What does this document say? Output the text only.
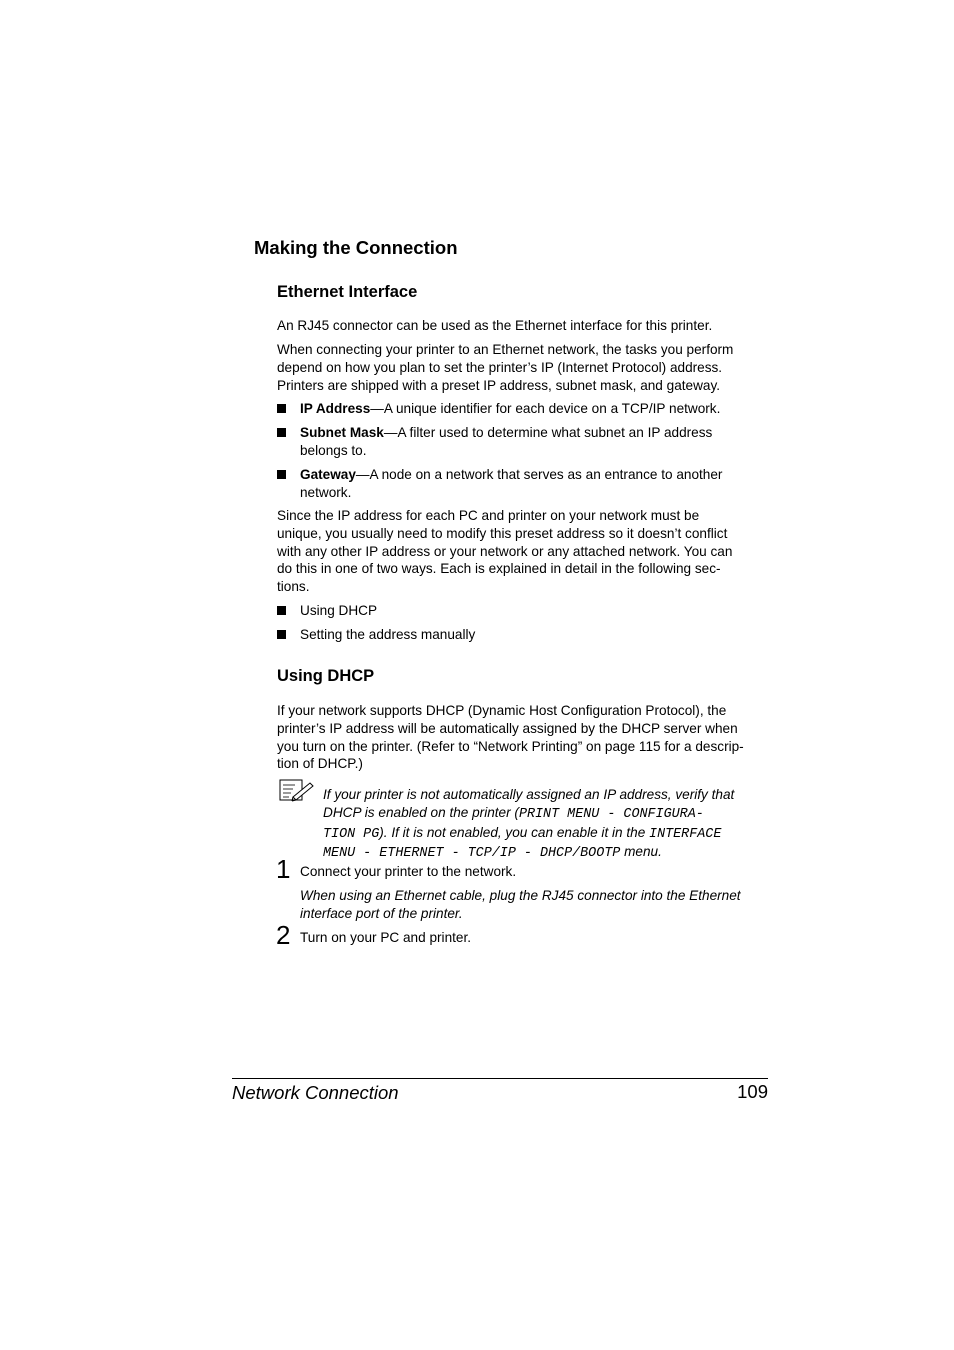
Making the Connection
Ethernet Interface
An RJ45 connector can be used as the Ethernet interface for this printer.
When connecting your printer to an Ethernet network, the tasks you perform
depend on how you plan to set the printer’s IP (Internet Protocol) address.
Printers are shipped with a preset IP address, subnet mask, and gateway.
IP Address—A unique identifier for each device on a TCP/IP network.
Subnet Mask—A filter used to determine what subnet an IP address
belongs to.
Gateway—A node on a network that serves as an entrance to another
network.
Since the IP address for each PC and printer on your network must be
unique, you usually need to modify this preset address so it doesn’t conflict
with any other IP address or your network or any attached network. You can
do this in one of two ways. Each is explained in detail in the following sec-
tions.
Using DHCP
Setting the address manually
Using DHCP
If your network supports DHCP (Dynamic Host Configuration Protocol), the
printer’s IP address will be automatically assigned by the DHCP server when
you turn on the printer. (Refer to “Network Printing” on page 115 for a descrip-
tion of DHCP.)
If your printer is not automatically assigned an IP address, verify that
DHCP is enabled on the printer (PRINT MENU - CONFIGURA-
TION PG). If it is not enabled, you can enable it in the INTERFACE
MENU - ETHERNET - TCP/IP - DHCP/BOOTP menu.
1 Connect your printer to the network.
When using an Ethernet cable, plug the RJ45 connector into the Ethernet
interface port of the printer.
2 Turn on your PC and printer.
Network Connection	109
